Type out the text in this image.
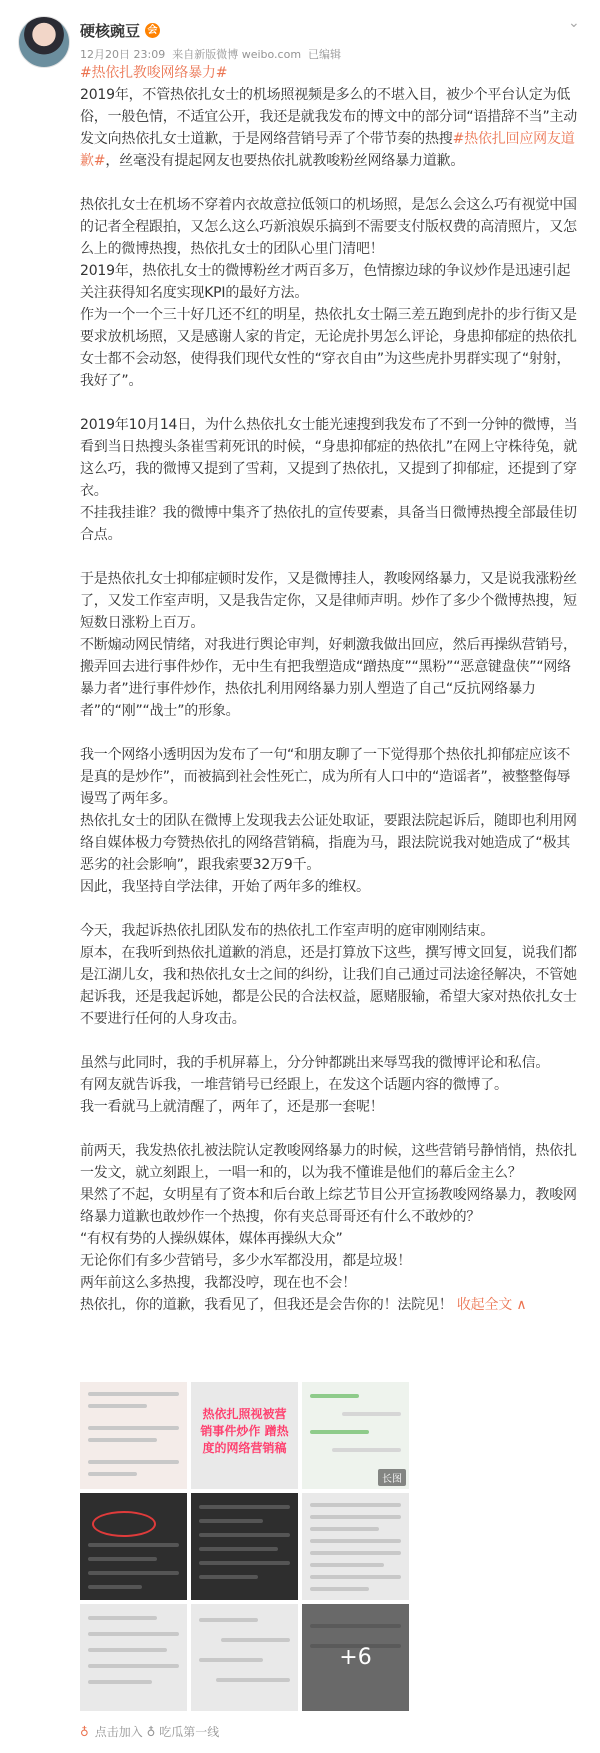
硬核豌豆 会
12月20日 23:09 来自新版微博 weibo.com 已编辑
⌄

#热依扎教唆网络暴力#

2019年，不管热依扎女士的机场照视频是多么的不堪入目，被少个平台认定为低俗，一般色情，不适宜公开，我还是就我发布的博文中的部分词“语措辞不当”主动发文向热依扎女士道歉，于是网络营销号弄了个带节奏的热搜#热依扎回应网友道歉#，丝毫没有提起网友也要热依扎就教唆粉丝网络暴力道歉。

热依扎女士在机场不穿着内衣故意拉低领口的机场照，是怎么会这么巧有视觉中国的记者全程跟拍，又怎么这么巧新浪娱乐搞到不需要支付版权费的高清照片，又怎么上的微博热搜，热依扎女士的团队心里门清吧！

2019年，热依扎女士的微博粉丝才两百多万，色情擦边球的争议炒作是迅速引起关注获得知名度实现KPI的最好方法。

作为一个一个三十好几还不红的明星，热依扎女士隔三差五跑到虎扑的步行街又是要求放机场照，又是感谢人家的肯定，无论虎扑男怎么评论，身患抑郁症的热依扎女士都不会动怒，使得我们现代女性的“穿衣自由”为这些虎扑男群实现了“射射，我好了”。

2019年10月14日，为什么热依扎女士能光速搜到我发布了不到一分钟的微博，当看到当日热搜头条崔雪莉死讯的时候，“身患抑郁症的热依扎”在网上守株待兔，就这么巧，我的微博又提到了雪莉，又提到了热依扎，又提到了抑郁症，还提到了穿衣。

不挂我挂谁？我的微博中集齐了热依扎的宣传要素，具备当日微博热搜全部最佳切合点。

于是热依扎女士抑郁症顿时发作，又是微博挂人，教唆网络暴力，又是说我涨粉丝了，又发工作室声明，又是我告定你，又是律师声明。炒作了多少个微博热搜，短短数日涨粉上百万。

不断煽动网民情绪，对我进行舆论审判，好刺激我做出回应，然后再操纵营销号，搬弄回去进行事件炒作，无中生有把我塑造成“蹭热度”“黑粉”“恶意键盘侠”“网络暴力者”进行事件炒作，热依扎利用网络暴力别人塑造了自己“反抗网络暴力者”的“刚”“战士”的形象。

我一个网络小透明因为发布了一句“和朋友聊了一下觉得那个热依扎抑郁症应该不是真的是炒作”，而被搞到社会性死亡，成为所有人口中的“造谣者”，被整整侮辱谩骂了两年多。

热依扎女士的团队在微博上发现我去公证处取证，要跟法院起诉后，随即也利用网络自媒体极力夸赞热依扎的网络营销稿，指鹿为马，跟法院说我对她造成了“极其恶劣的社会影响”，跟我索要32万9千。

因此，我坚持自学法律，开始了两年多的维权。

今天，我起诉热依扎团队发布的热依扎工作室声明的庭审刚刚结束。

原本，在我听到热依扎道歉的消息，还是打算放下这些，撰写博文回复，说我们都是江湖儿女，我和热依扎女士之间的纠纷，让我们自己通过司法途径解决，不管她起诉我，还是我起诉她，都是公民的合法权益，愿赌服输，希望大家对热依扎女士不要进行任何的人身攻击。

虽然与此同时，我的手机屏幕上，分分钟都跳出来辱骂我的微博评论和私信。

有网友就告诉我，一堆营销号已经跟上，在发这个话题内容的微博了。

我一看就马上就清醒了，两年了，还是那一套呢！

前两天，我发热依扎被法院认定教唆网络暴力的时候，这些营销号静悄悄，热依扎一发文，就立刻跟上，一唱一和的，以为我不懂谁是他们的幕后金主么？

果然了不起，女明星有了资本和后台敢上综艺节目公开宣扬教唆网络暴力，教唆网络暴力道歉也敢炒作一个热搜，你有夹总哥哥还有什么不敢炒的？

“有权有势的人操纵媒体，媒体再操纵大众”

无论你们有多少营销号，多少水军都没用，都是垃圾！

两年前这么多热搜，我都没哼，现在也不会！

热依扎，你的道歉，我看见了，但我还是会告你的！法院见！ 收起全文 ∧

热依扎照视被营销事件炒作 蹭热度的网络营销稿
长图
+6
♁ 点击加入 ♁ 吃瓜第一线
